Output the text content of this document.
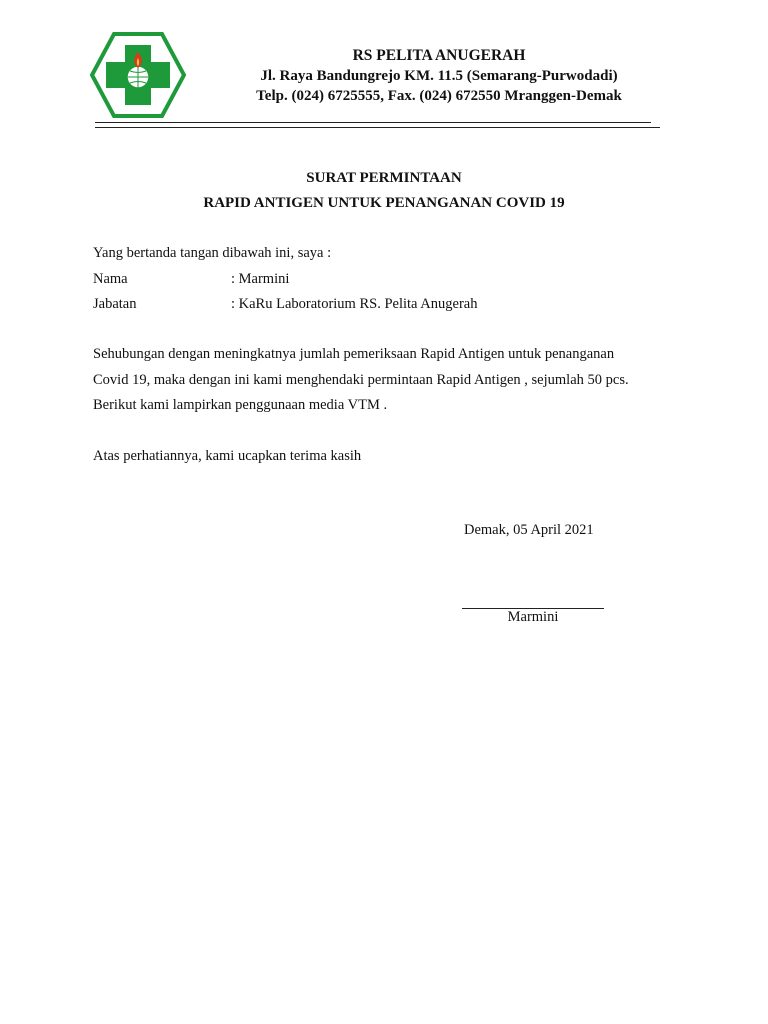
RS PELITA ANUGERAH
Jl. Raya Bandungrejo KM. 11.5 (Semarang-Purwodadi)
Telp. (024) 6725555, Fax. (024) 672550 Mranggen-Demak
SURAT PERMINTAAN
RAPID ANTIGEN UNTUK PENANGANAN COVID 19
Yang bertanda tangan dibawah ini, saya :
Nama	: Marmini
Jabatan	: KaRu Laboratorium RS. Pelita Anugerah
Sehubungan dengan meningkatnya jumlah pemeriksaan Rapid Antigen untuk penanganan
Covid 19, maka dengan ini kami menghendaki permintaan Rapid Antigen , sejumlah 50 pcs.
Berikut kami lampirkan penggunaan media VTM .
Atas perhatiannya, kami ucapkan terima kasih
Demak, 05 April 2021
Marmini
